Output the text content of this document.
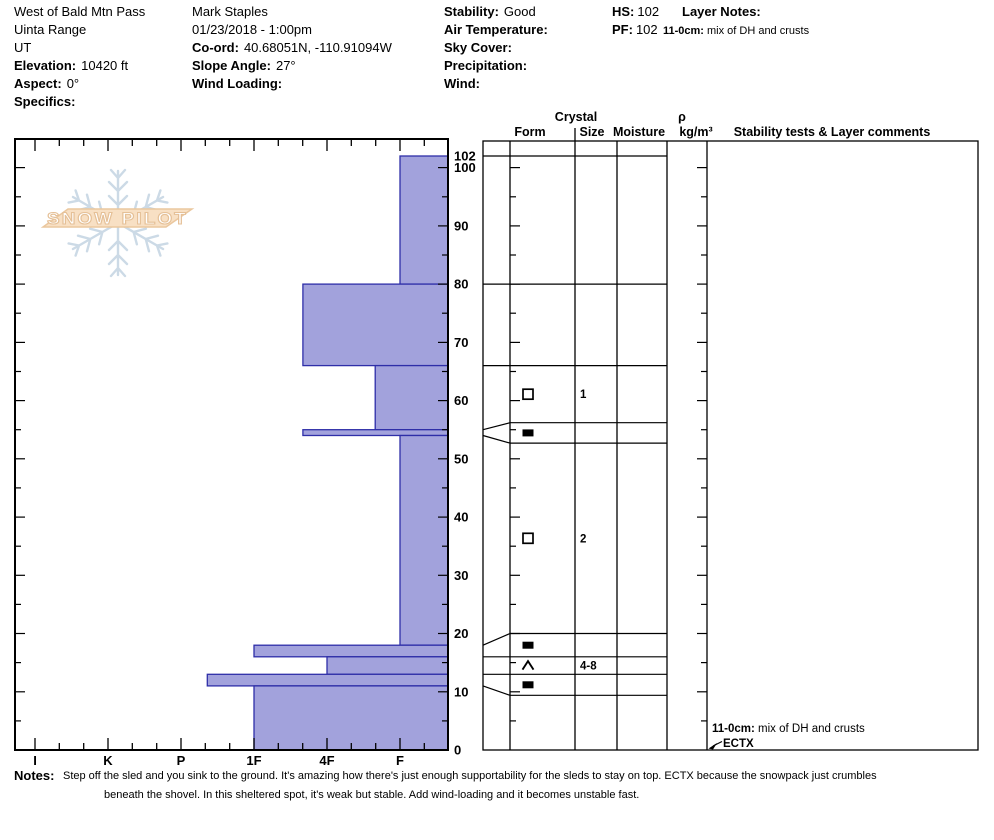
West of Bald Mtn Pass
Uinta Range
UT
Elevation: 10420 ft
Aspect: 0°
Specifics:
Mark Staples
01/23/2018 - 1:00pm
Co-ord: 40.68051N, -110.91094W
Slope Angle: 27°
Wind Loading:
Stability: Good
Air Temperature:
Sky Cover:
Precipitation:
Wind:
HS: 102
PF: 102
Layer Notes:
11-0cm: mix of DH and crusts
SNOW PILOT
102
100
90
80
70
60
50
40
30
20
10
0
I	K	P	1F	4F	F
1
2
4-8
Crystal
Form	Size Moisture
ρ
kg/m³ Stability tests & Layer comments
11-0cm: mix of DH and crusts
ECTX
Notes: Step off the sled and you sink to the ground. It's amazing how there's just enough supportability for the sleds to stay on top. ECTX because the snowpack just crumbles
beneath the shovel. In this sheltered spot, it's weak but stable. Add wind-loading and it becomes unstable fast.
